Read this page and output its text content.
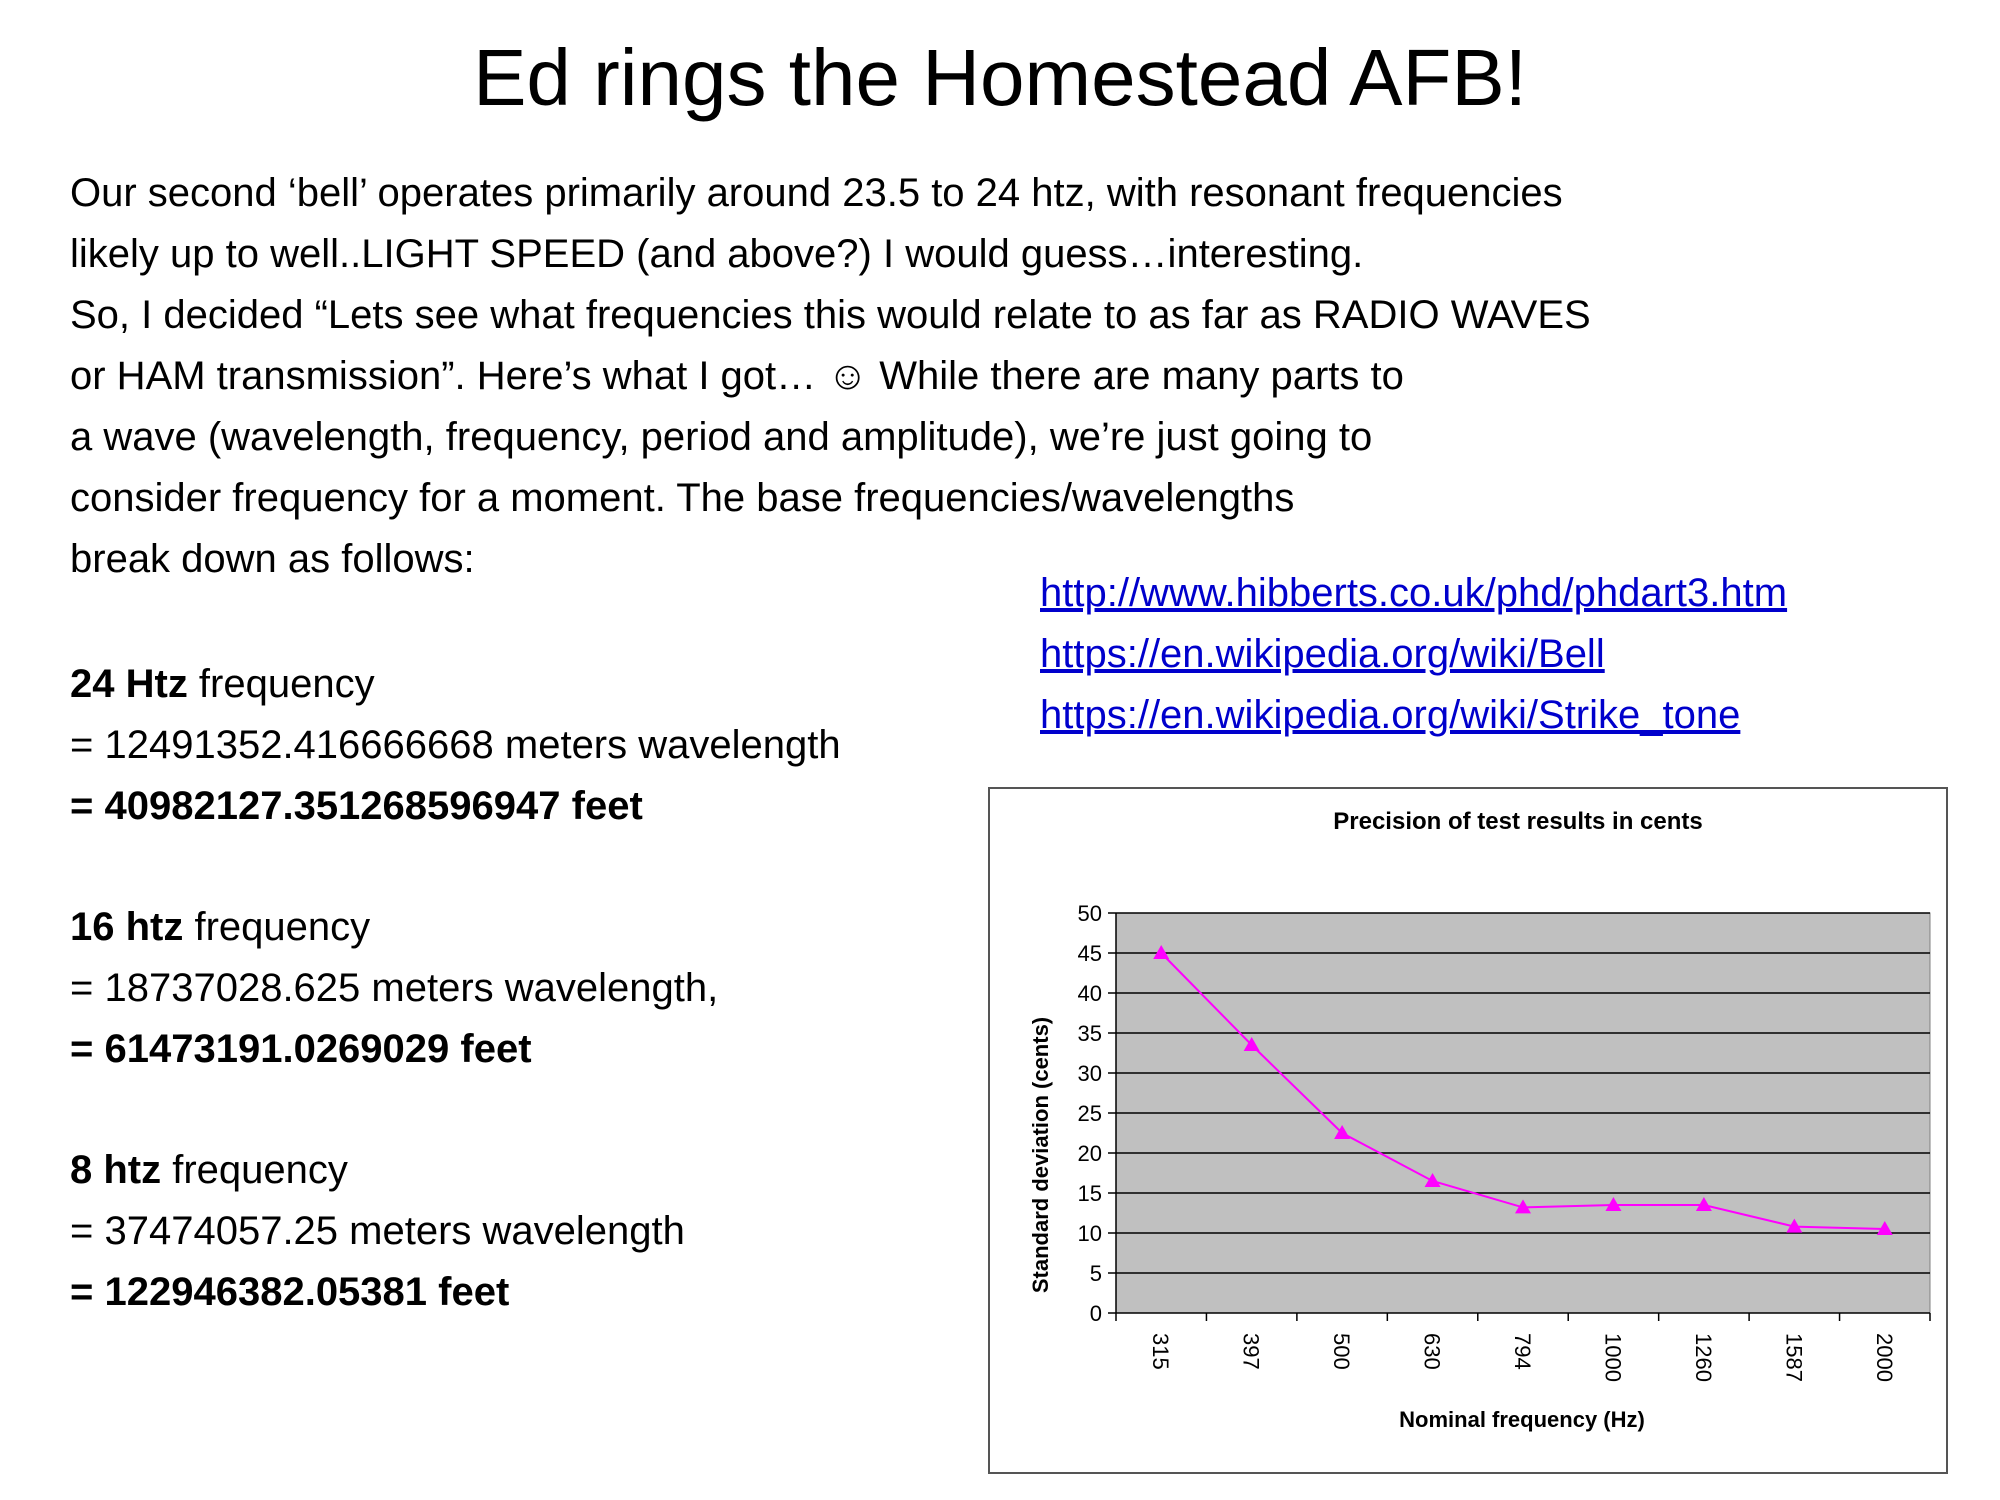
Ed rings the Homestead AFB!
Our second ‘bell’ operates primarily around 23.5 to 24 htz, with resonant frequencies
likely up to well..LIGHT SPEED (and above?) I would guess…interesting.
So, I decided “Lets see what frequencies this would relate to as far as RADIO WAVES
or HAM transmission”. Here’s what I got… ☺ While there are many parts to
a wave (wavelength, frequency, period and amplitude), we’re just going to
consider frequency for a moment. The base frequencies/wavelengths
break down as follows:
http://www.hibberts.co.uk/phd/phdart3.htm
https://en.wikipedia.org/wiki/Bell
https://en.wikipedia.org/wiki/Strike_tone
24 Htz frequency
= 12491352.416666668 meters wavelength
= 40982127.351268596947 feet
16 htz frequency
= 18737028.625 meters wavelength,
= 61473191.0269029 feet
8 htz frequency
= 37474057.25 meters wavelength
= 122946382.05381 feet
Precision of test results in cents
Standard deviation (cents)
Nominal frequency (Hz)
0
5
10
15
20
25
30
35
40
45
50
315	397	500	630	794	1000	1260	1587	2000
